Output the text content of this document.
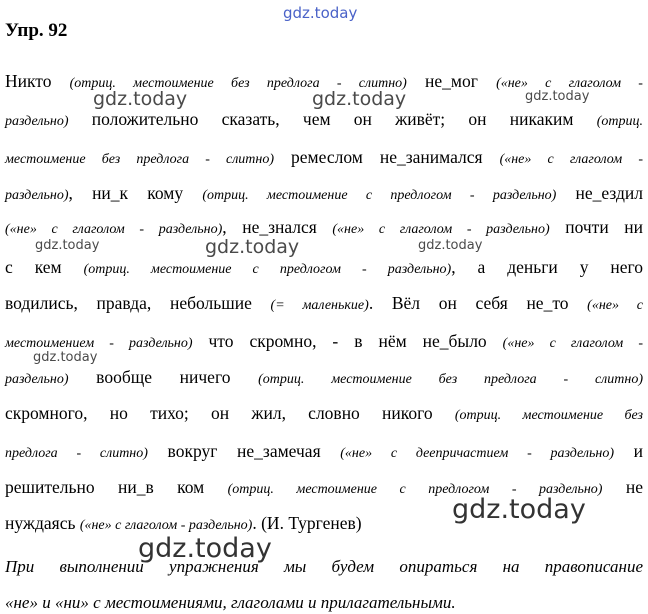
gdz.today
Упр. 92
Никто (отриц. местоимение без предлога - слитно) не_мог («не» с глаголом -
раздельно) положительно сказать, чем он живёт; он никаким (отриц.
местоимение без предлога - слитно) ремеслом не_занимался («не» с глаголом -
раздельно), ни_к кому (отриц. местоимение с предлогом - раздельно) не_ездил
(«не» с глаголом - раздельно), не_знался («не» с глаголом - раздельно) почти ни
с кем (отриц. местоимение с предлогом - раздельно), а деньги у него
водились, правда, небольшие (= маленькие). Вёл он себя не_то («не» с
местоимением - раздельно) что скромно, - в нём не_было («не» с глаголом -
раздельно) вообще ничего (отриц. местоимение без предлога - слитно)
скромного, но тихо; он жил, словно никого (отриц. местоимение без
предлога - слитно) вокруг не_замечая («не» с деепричастием - раздельно) и
решительно ни_в ком (отриц. местоимение с предлогом - раздельно) не
нуждаясь («не» с глаголом - раздельно). (И. Тургенев)
При выполнении упражнения мы будем опираться на правописание
«не» и «ни» с местоимениями, глаголами и прилагательными.
gdz.today	gdz.today	gdz.today
gdz.today	gdz.today	gdz.today
gdz.today
gdz.today
gdz.today
